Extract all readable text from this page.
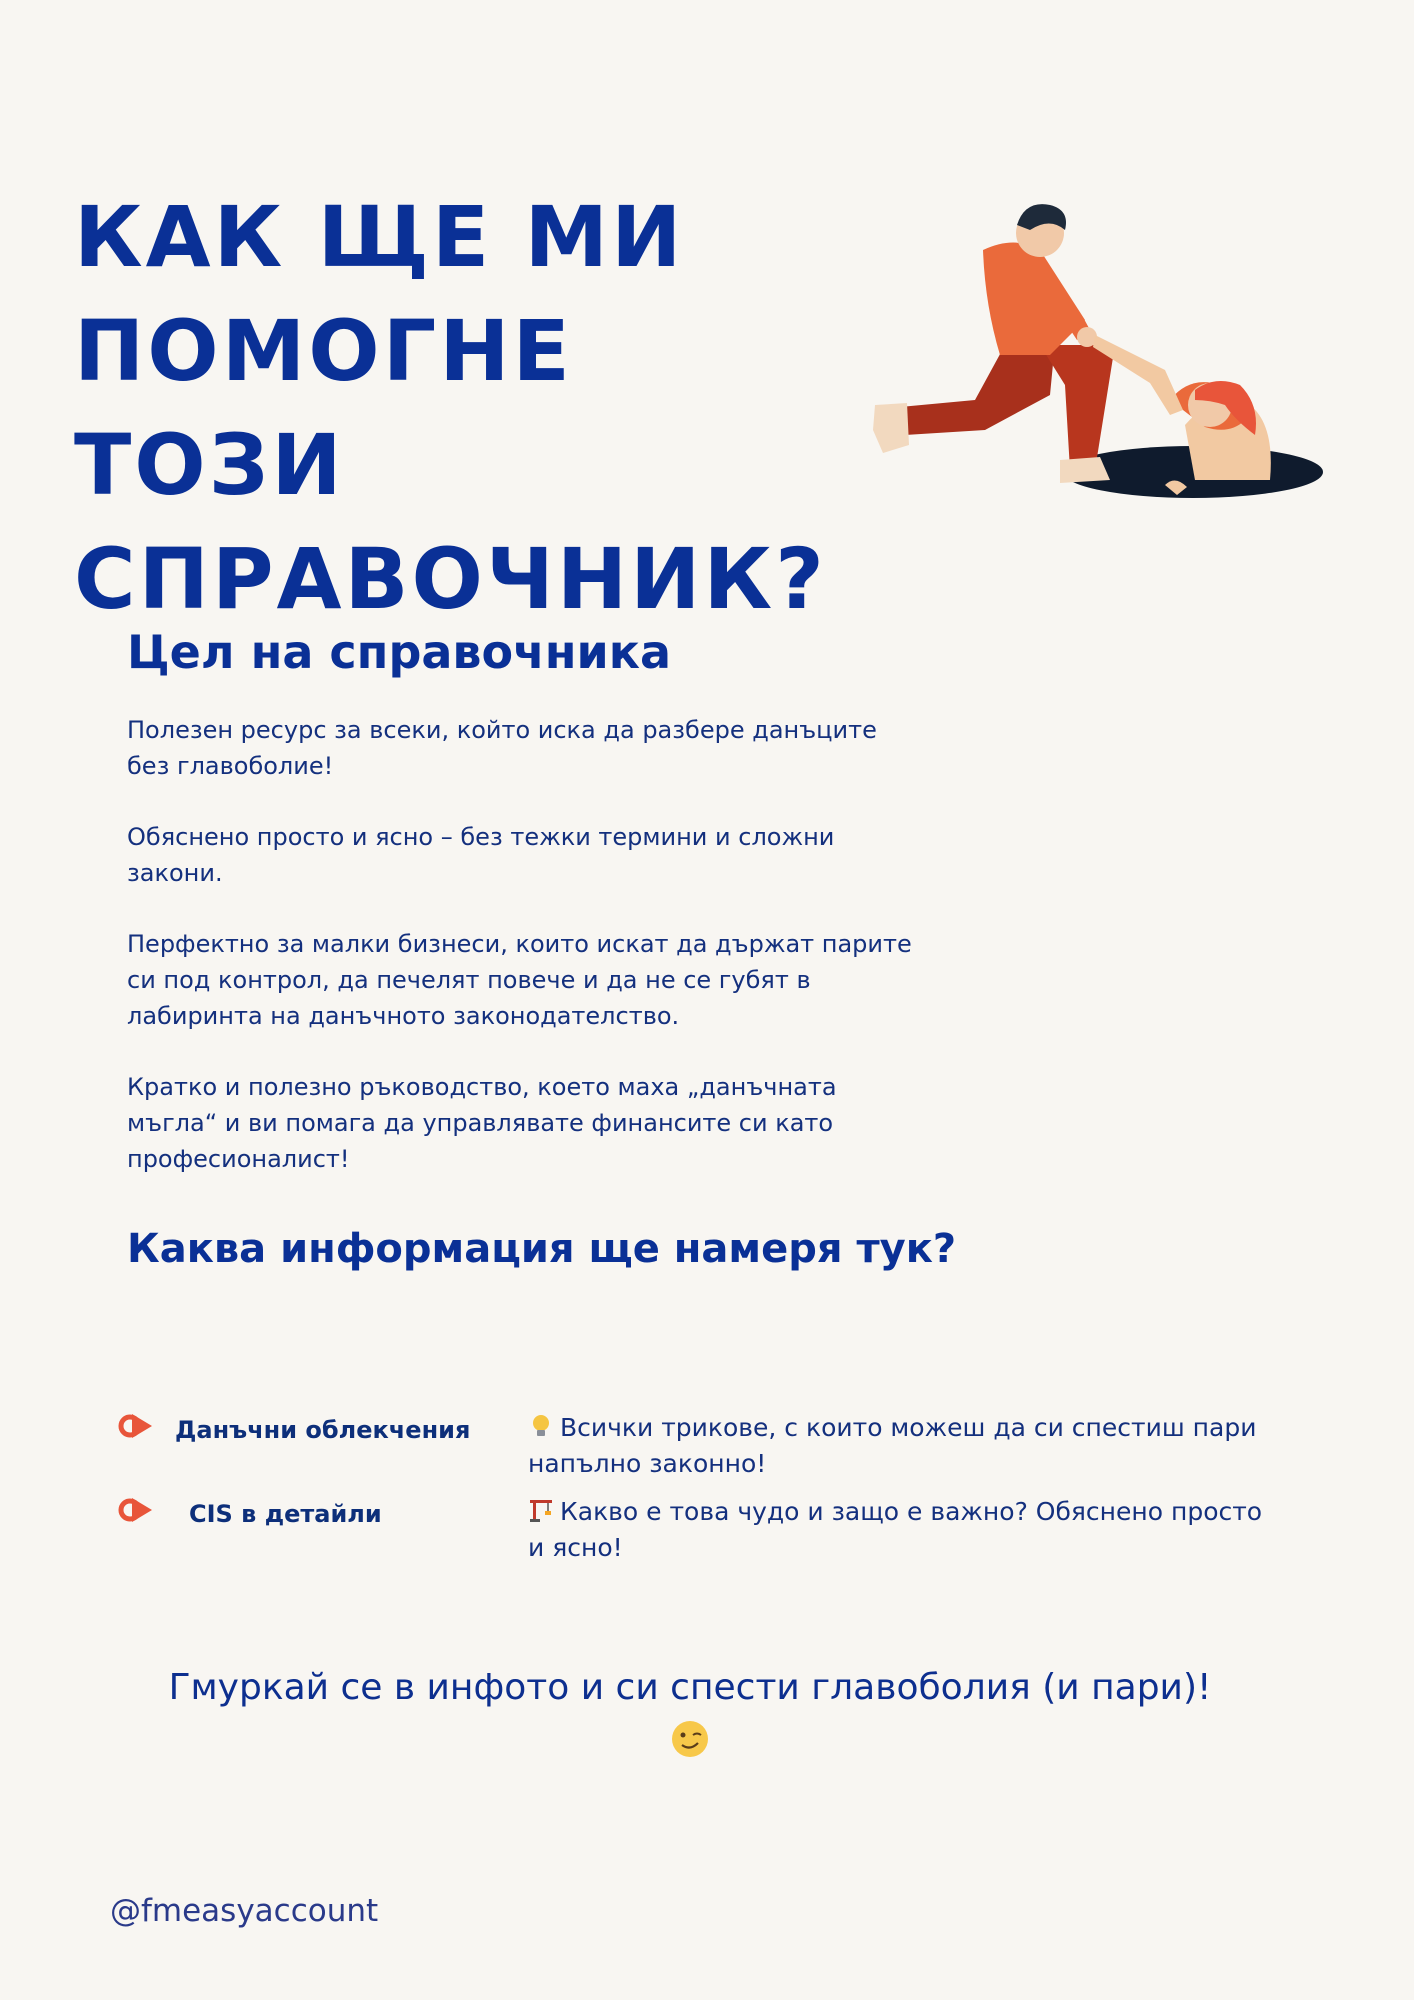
КАК ЩЕ МИ
ПОМОГНЕ ТОЗИ
СПРАВОЧНИК?
Цел на справочника

Полезен ресурс за всеки, който иска да разбере данъците без главоболие!

Обяснено просто и ясно – без тежки термини и сложни закони.

Перфектно за малки бизнеси, които искат да държат парите си под контрол, да печелят повече и да не се губят в лабиринта на данъчното законодателство.

Кратко и полезно ръководство, което маха „данъчната мъгла“ и ви помага да управлявате финансите си като професионалист!

Каква информация ще намеря тук?
Данъчни облекчения	Всички трикове, с които можеш да си спестиш пари напълно законно!
CIS в детайли	Какво е това чудо и защо е важно? Обяснено просто и ясно!

Гмуркай се в инфото и си спести главоболия (и пари)!

@fmeasyaccount
